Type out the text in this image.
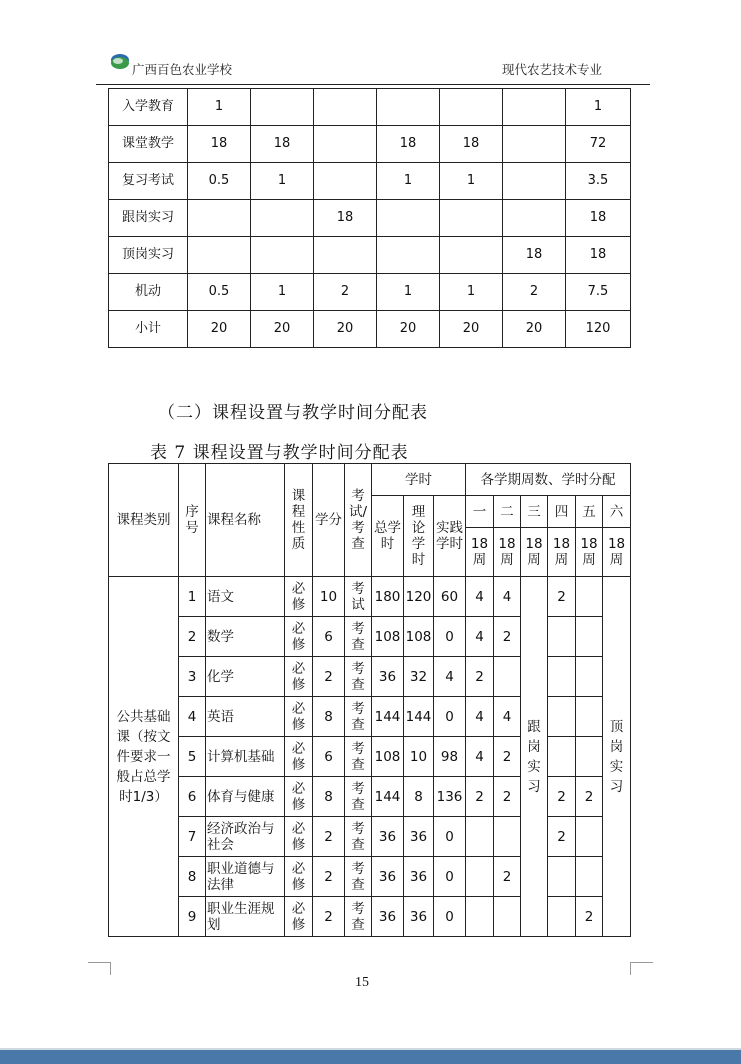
广西百色农业学校	现代农艺技术专业
入学教育	1						1
课堂教学	18	18		18	18		72
复习考试	0.5	1		1	1		3.5
跟岗实习			18				18
顶岗实习						18	18
机动	0.5	1	2	1	1	2	7.5
小计	20	20	20	20	20	20	120
（二）课程设置与教学时间分配表
表 7 课程设置与教学时间分配表
课程类别	序号	课程名称	课程性质	学分	考试/考查	学时			各学期周数、学时分配					
						总学时	理论学时	实践学时	一	二	三	四	五	六
									18周	18周	18周	18周	18周	18周
公共基础课（按文件要求一般占总学时1/3）	1	语文	必修	10	考试	180	120	60	4	4	跟岗实习	2		顶岗实习
	2	数学	必修	6	考查	108	108	0	4	2				
	3	化学	必修	2	考查	36	32	4	2					
	4	英语	必修	8	考查	144	144	0	4	4				
	5	计算机基础	必修	6	考查	108	10	98	4	2				
	6	体育与健康	必修	8	考查	144	8	136	2	2		2	2	
	7	经济政治与社会	必修	2	考查	36	36	0				2		
	8	职业道德与法律	必修	2	考查	36	36	0		2				
	9	职业生涯规划	必修	2	考查	36	36	0					2	
15
